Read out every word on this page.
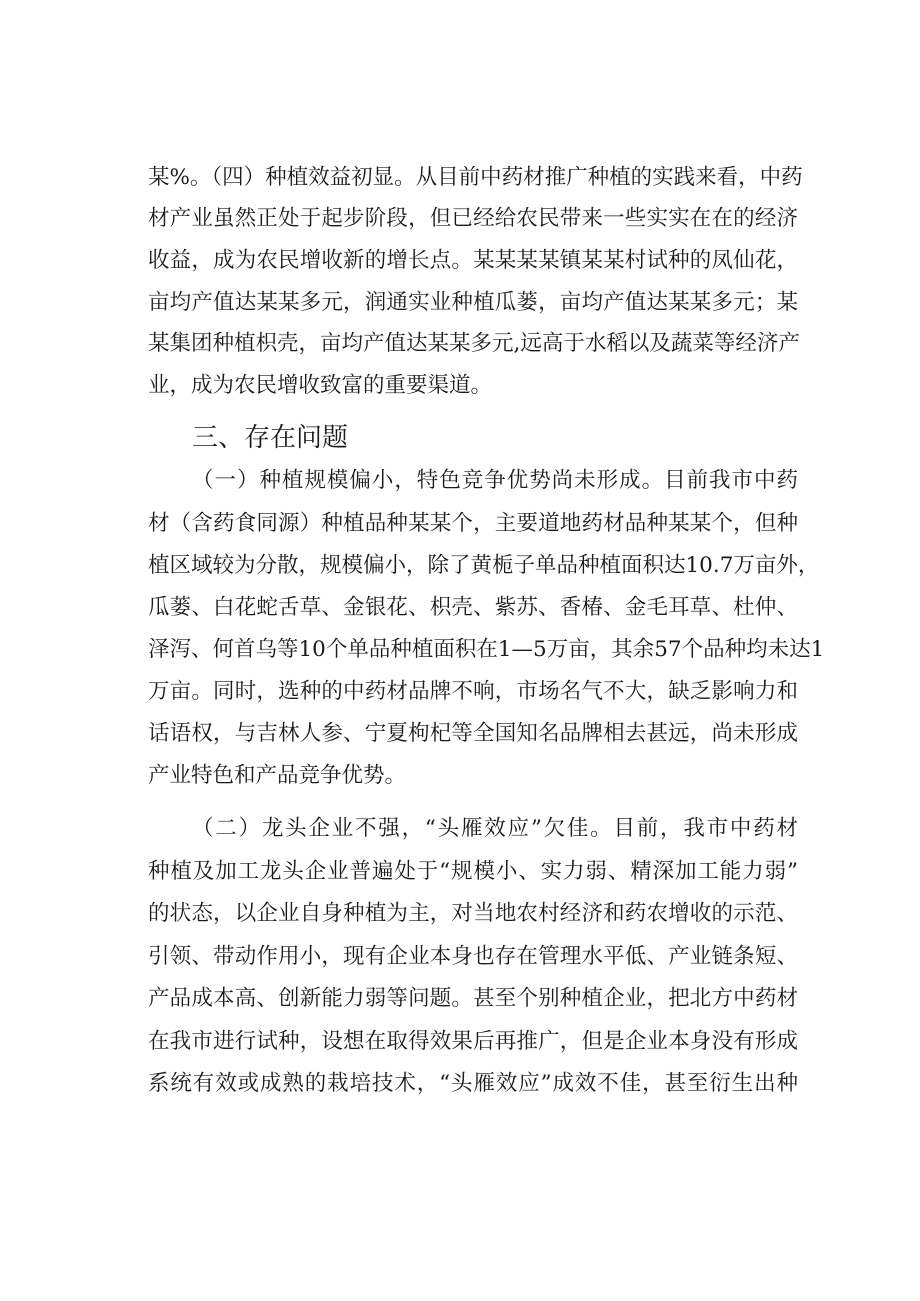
某%。（四）种植效益初显。从目前中药材推广种植的实践来看，中药
材产业虽然正处于起步阶段，但已经给农民带来一些实实在在的经济
收益，成为农民增收新的增长点。某某某某镇某某村试种的凤仙花，
亩均产值达某某多元，润通实业种植瓜蒌，亩均产值达某某多元；某
某集团种植枳壳，亩均产值达某某多元,远高于水稻以及蔬菜等经济产
业，成为农民增收致富的重要渠道。
三、存在问题
（一）种植规模偏小，特色竞争优势尚未形成。目前我市中药
材（含药食同源）种植品种某某个，主要道地药材品种某某个，但种
植区域较为分散，规模偏小，除了黄栀子单品种植面积达10.7万亩外，
瓜蒌、白花蛇舌草、金银花、枳壳、紫苏、香椿、金毛耳草、杜仲、
泽泻、何首乌等10个单品种植面积在1—5万亩，其余57个品种均未达1
万亩。同时，选种的中药材品牌不响，市场名气不大，缺乏影响力和
话语权，与吉林人参、宁夏枸杞等全国知名品牌相去甚远，尚未形成
产业特色和产品竞争优势。
（二）龙头企业不强，“头雁效应”欠佳。目前，我市中药材
种植及加工龙头企业普遍处于“规模小、实力弱、精深加工能力弱”
的状态，以企业自身种植为主，对当地农村经济和药农增收的示范、
引领、带动作用小，现有企业本身也存在管理水平低、产业链条短、
产品成本高、创新能力弱等问题。甚至个别种植企业，把北方中药材
在我市进行试种，设想在取得效果后再推广，但是企业本身没有形成
系统有效或成熟的栽培技术，“头雁效应”成效不佳，甚至衍生出种
